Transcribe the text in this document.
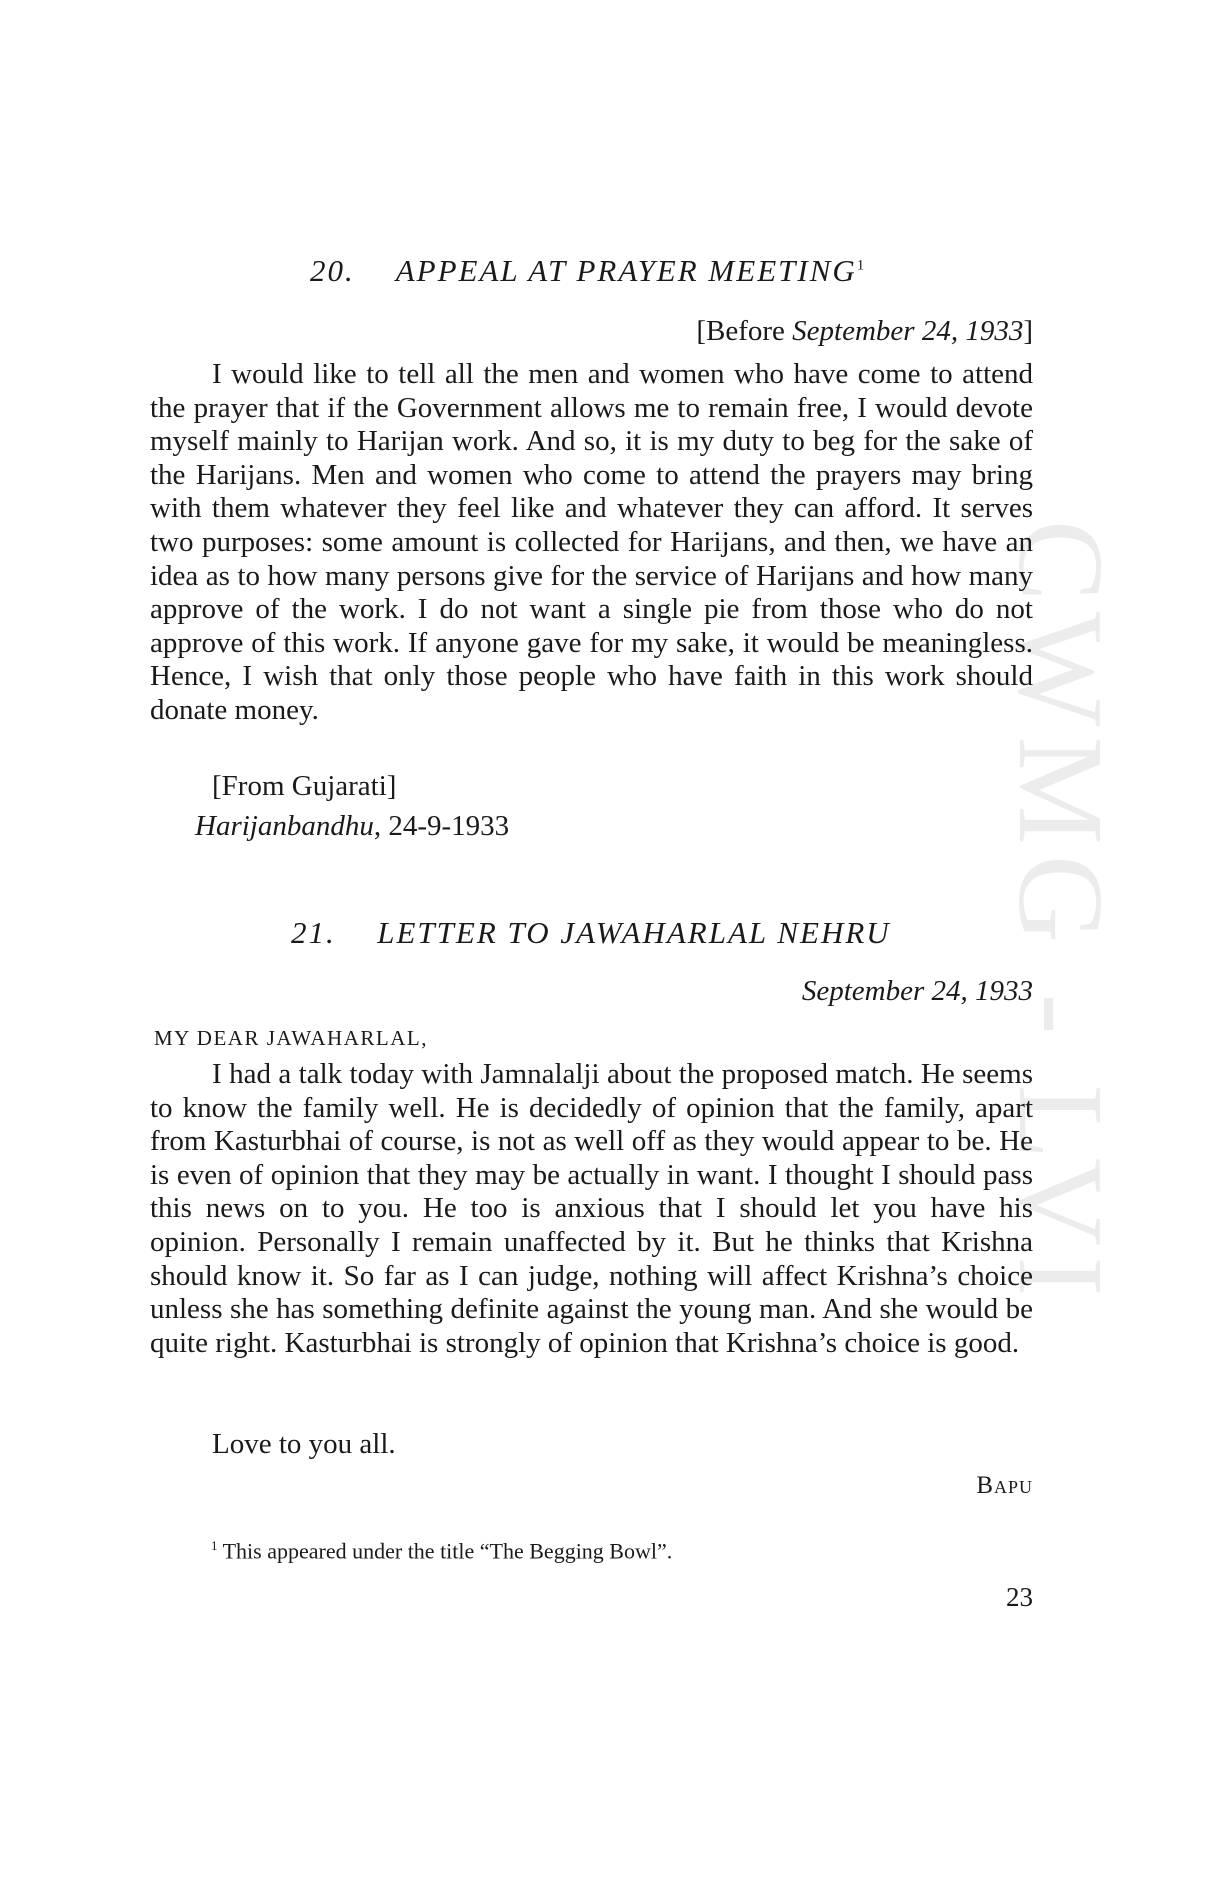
CWMG - LVI
20. APPEAL AT PRAYER MEETING$^1$
[Before September 24, 1933]

I would like to tell all the men and women who have come to attend the prayer that if the Government allows me to remain free, I would devote myself mainly to Harijan work. And so, it is my duty to beg for the sake of the Harijans. Men and women who come to attend the prayers may bring with them whatever they feel like and whatever they can afford. It serves two purposes: some amount is collected for Harijans, and then, we have an idea as to how many persons give for the service of Harijans and how many approve of the work. I do not want a single pie from those who do not approve of this work. If anyone gave for my sake, it would be meaningless. Hence, I wish that only those people who have faith in this work should donate money.

[From Gujarati]
Harijanbandhu, 24-9-1933
21. LETTER TO JAWAHARLAL NEHRU
September 24, 1933
MY DEAR JAWAHARLAL,

I had a talk today with Jamnalalji about the proposed match. He seems to know the family well. He is decidedly of opinion that the family, apart from Kasturbhai of course, is not as well off as they would appear to be. He is even of opinion that they may be actually in want. I thought I should pass this news on to you. He too is anxious that I should let you have his opinion. Personally I remain unaffected by it. But he thinks that Krishna should know it. So far as I can judge, nothing will affect Krishna’s choice unless she has something definite against the young man. And she would be quite right. Kasturbhai is strongly of opinion that Krishna’s choice is good.

Love to you all.
Bapu
$^1$ This appeared under the title “The Begging Bowl”.
23
